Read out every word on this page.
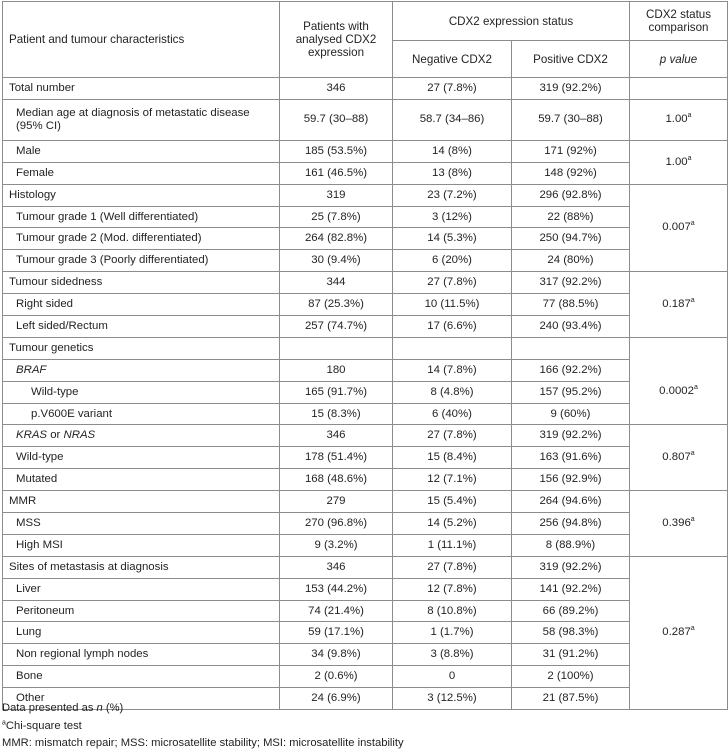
Patient and tumour characteristics	Patients with analysed CDX2 expression	CDX2 expression status		CDX2 status comparison
		Negative CDX2	Positive CDX2	p value
Total number	346	27 (7.8%)	319 (92.2%)	
Median age at diagnosis of metastatic disease (95% CI)	59.7 (30–88)	58.7 (34–86)	59.7 (30–88)	1.00$^a$
Male	185 (53.5%)	14 (8%)	171 (92%)	1.00$^a$
Female	161 (46.5%)	13 (8%)	148 (92%)	
Histology	319	23 (7.2%)	296 (92.8%)	0.007$^a$
Tumour grade 1 (Well differentiated)	25 (7.8%)	3 (12%)	22 (88%)	
Tumour grade 2 (Mod. differentiated)	264 (82.8%)	14 (5.3%)	250 (94.7%)	
Tumour grade 3 (Poorly differentiated)	30 (9.4%)	6 (20%)	24 (80%)	
Tumour sidedness	344	27 (7.8%)	317 (92.2%)	0.187$^a$
Right sided	87 (25.3%)	10 (11.5%)	77 (88.5%)	
Left sided/Rectum	257 (74.7%)	17 (6.6%)	240 (93.4%)	
Tumour genetics				0.0002$^a$
BRAF	180	14 (7.8%)	166 (92.2%)	
Wild-type	165 (91.7%)	8 (4.8%)	157 (95.2%)	
p.V600E variant	15 (8.3%)	6 (40%)	9 (60%)	
KRAS or NRAS	346	27 (7.8%)	319 (92.2%)	0.807$^a$
Wild-type	178 (51.4%)	15 (8.4%)	163 (91.6%)	
Mutated	168 (48.6%)	12 (7.1%)	156 (92.9%)	
MMR	279	15 (5.4%)	264 (94.6%)	0.396$^a$
MSS	270 (96.8%)	14 (5.2%)	256 (94.8%)	
High MSI	9 (3.2%)	1 (11.1%)	8 (88.9%)	
Sites of metastasis at diagnosis	346	27 (7.8%)	319 (92.2%)	0.287$^a$
Liver	153 (44.2%)	12 (7.8%)	141 (92.2%)	
Peritoneum	74 (21.4%)	8 (10.8%)	66 (89.2%)	
Lung	59 (17.1%)	1 (1.7%)	58 (98.3%)	
Non regional lymph nodes	34 (9.8%)	3 (8.8%)	31 (91.2%)	
Bone	2 (0.6%)	0	2 (100%)	
Other	24 (6.9%)	3 (12.5%)	21 (87.5%)	
Data presented as n (%)
$^a$Chi-square test
MMR: mismatch repair; MSS: microsatellite stability; MSI: microsatellite instability
